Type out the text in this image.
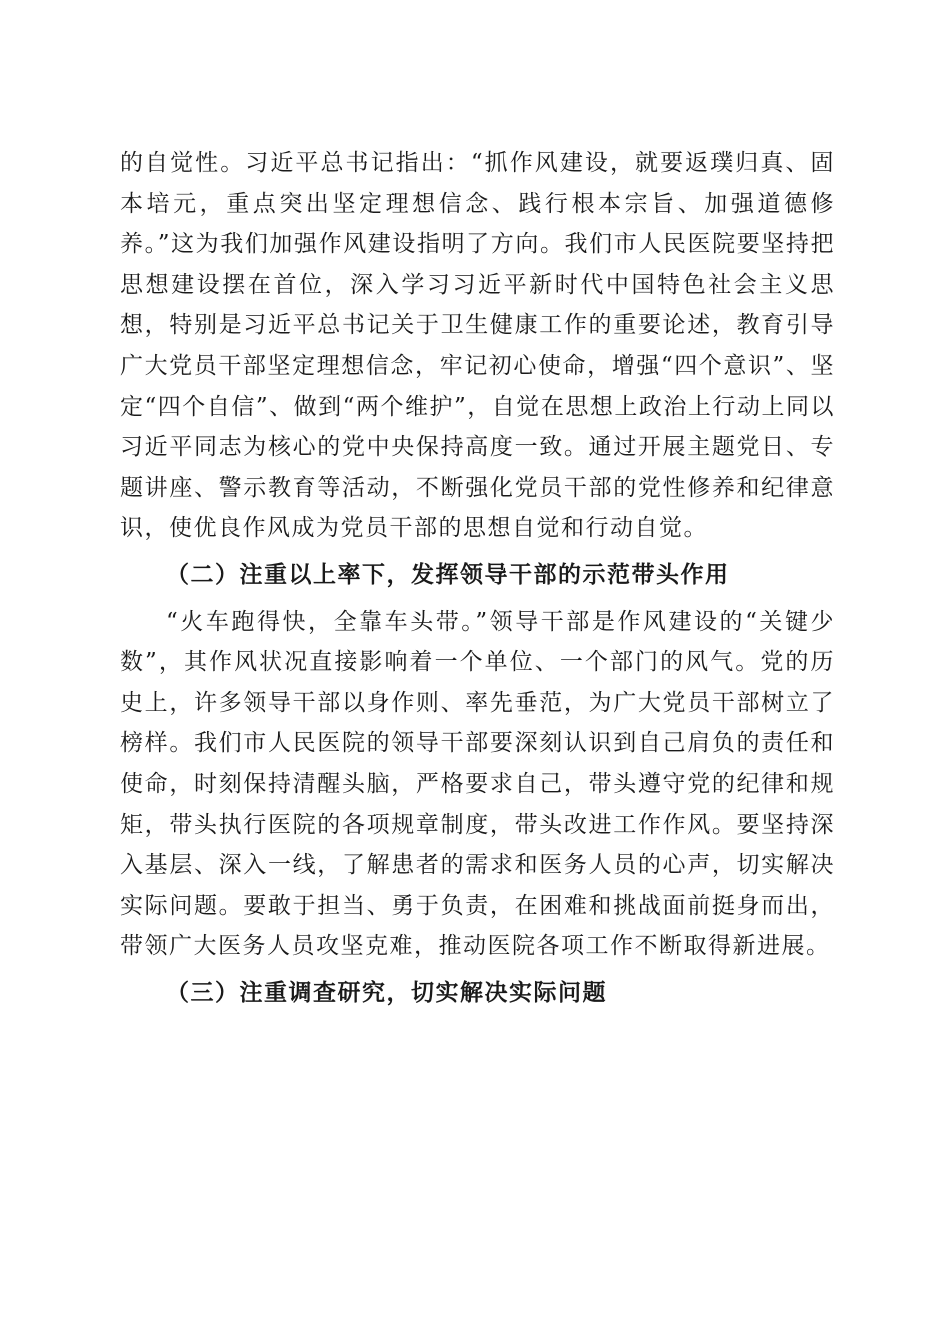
的自觉性。习近平总书记指出：“抓作风建设，就要返璞归真、固本培元，重点突出坚定理想信念、践行根本宗旨、加强道德修养。”这为我们加强作风建设指明了方向。我们市人民医院要坚持把思想建设摆在首位，深入学习习近平新时代中国特色社会主义思想，特别是习近平总书记关于卫生健康工作的重要论述，教育引导广大党员干部坚定理想信念，牢记初心使命，增强“四个意识”、坚定“四个自信”、做到“两个维护”，自觉在思想上政治上行动上同以习近平同志为核心的党中央保持高度一致。通过开展主题党日、专题讲座、警示教育等活动，不断强化党员干部的党性修养和纪律意识，使优良作风成为党员干部的思想自觉和行动自觉。

（二）注重以上率下，发挥领导干部的示范带头作用

“火车跑得快，全靠车头带。”领导干部是作风建设的“关键少数”，其作风状况直接影响着一个单位、一个部门的风气。党的历史上，许多领导干部以身作则、率先垂范，为广大党员干部树立了榜样。我们市人民医院的领导干部要深刻认识到自己肩负的责任和使命，时刻保持清醒头脑，严格要求自己，带头遵守党的纪律和规矩，带头执行医院的各项规章制度，带头改进工作作风。要坚持深入基层、深入一线，了解患者的需求和医务人员的心声，切实解决实际问题。要敢于担当、勇于负责，在困难和挑战面前挺身而出，带领广大医务人员攻坚克难，推动医院各项工作不断取得新进展。

（三）注重调查研究，切实解决实际问题
